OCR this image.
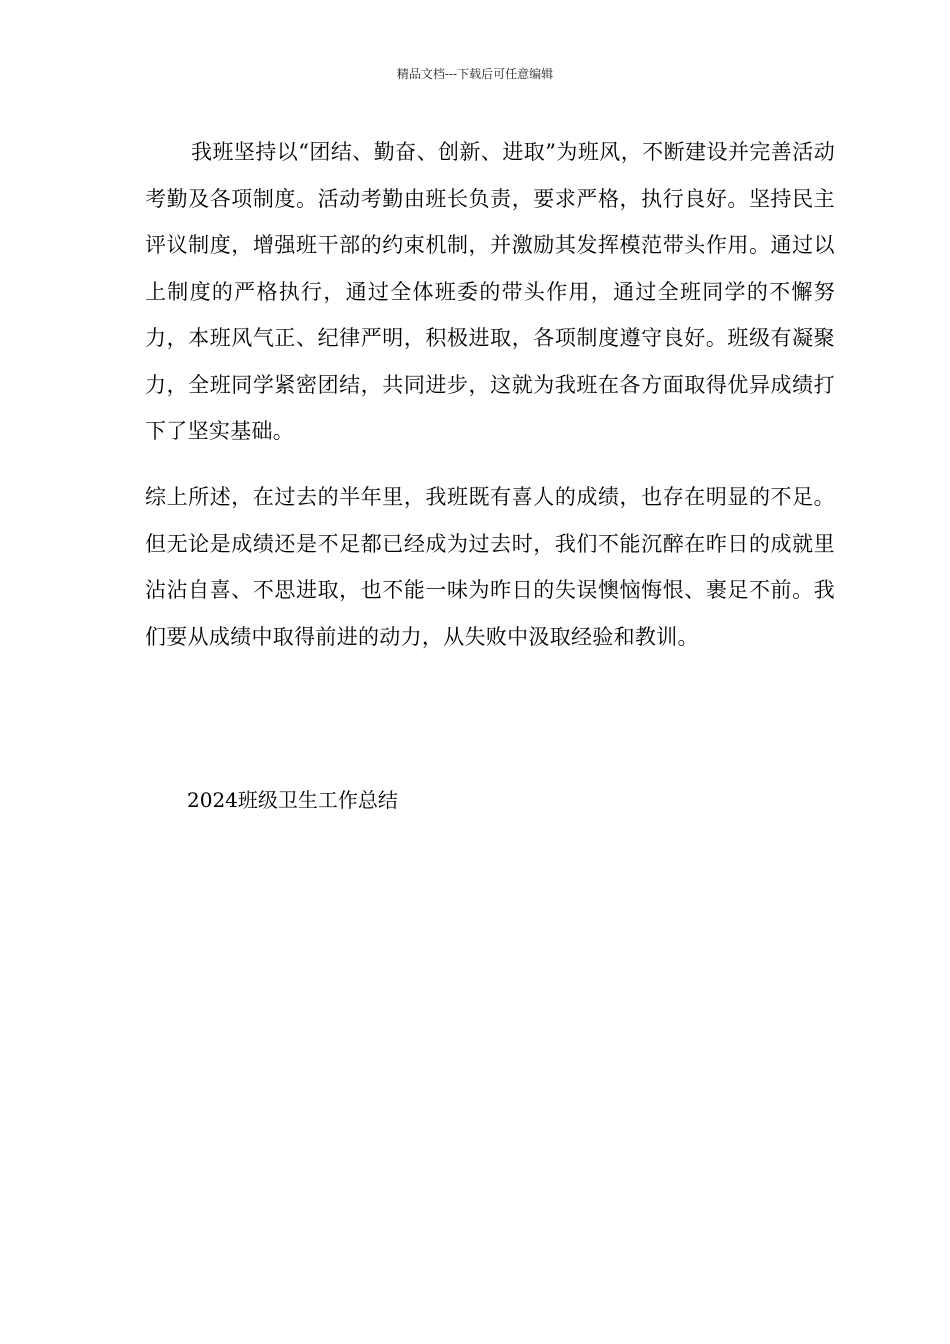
精品文档---下载后可任意编辑

我班坚持以“团结、勤奋、创新、进取”为班风，不断建设并完善活动考勤及各项制度。活动考勤由班长负责，要求严格，执行良好。坚持民主评议制度，增强班干部的约束机制，并激励其发挥模范带头作用。通过以上制度的严格执行，通过全体班委的带头作用，通过全班同学的不懈努力，本班风气正、纪律严明，积极进取，各项制度遵守良好。班级有凝聚力，全班同学紧密团结，共同进步，这就为我班在各方面取得优异成绩打下了坚实基础。

综上所述，在过去的半年里，我班既有喜人的成绩，也存在明显的不足。但无论是成绩还是不足都已经成为过去时，我们不能沉醉在昨日的成就里沾沾自喜、不思进取，也不能一味为昨日的失误懊恼悔恨、裹足不前。我们要从成绩中取得前进的动力，从失败中汲取经验和教训。

2024班级卫生工作总结
